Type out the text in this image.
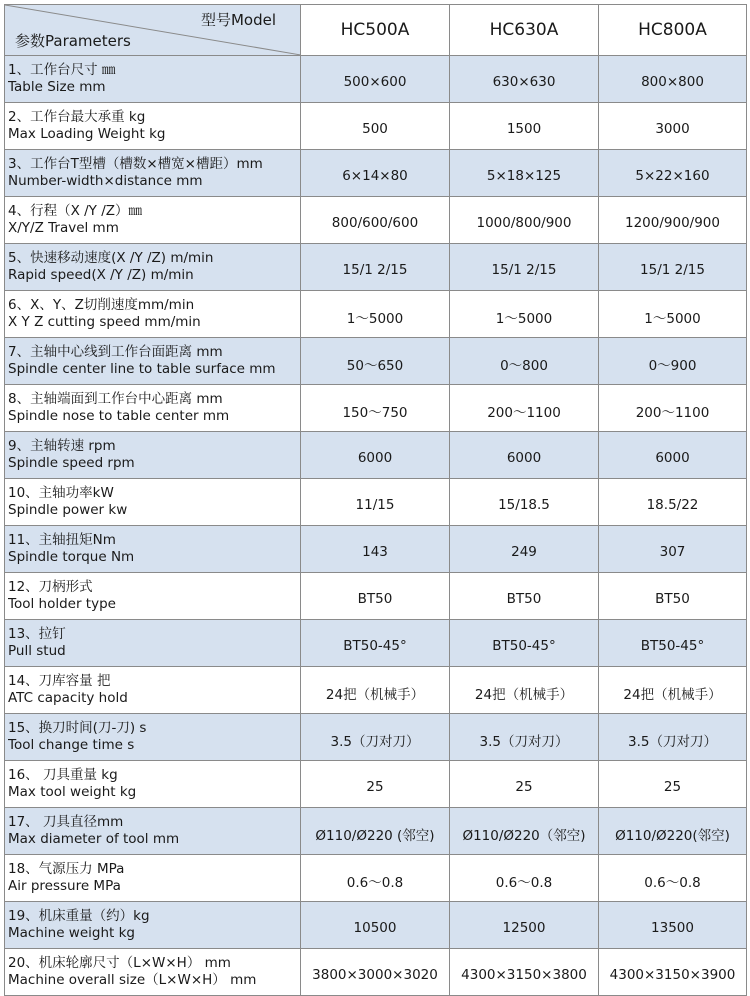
型号Model
参数Parameters	HC500A	HC630A	HC800A

1、工作台尺寸 ㎜
Table Size mm	500×600	630×630	800×800

2、工作台最大承重 kg
Max Loading Weight kg	500	1500	3000

3、工作台T型槽（槽数×槽宽×槽距）mm
Number-width×distance mm	6×14×80	5×18×125	5×22×160

4、行程（X /Y /Z）㎜
X/Y/Z Travel mm	800/600/600	1000/800/900	1200/900/900

5、快速移动速度(X /Y /Z) m/min
Rapid speed(X /Y /Z) m/min	15/1 2/15	15/1 2/15	15/1 2/15

6、X、Y、Z切削速度mm/min
X Y Z cutting speed mm/min	1～5000	1～5000	1～5000

7、主轴中心线到工作台面距离 mm
Spindle center line to table surface mm	50～650	0～800	0～900

8、主轴端面到工作台中心距离 mm
Spindle nose to table center mm	150～750	200～1100	200～1100

9、主轴转速 rpm
Spindle speed rpm	6000	6000	6000

10、主轴功率kW
Spindle power kw	11/15	15/18.5	18.5/22

11、主轴扭矩Nm
Spindle torque Nm	143	249	307

12、刀柄形式
Tool holder type	BT50	BT50	BT50

13、拉钉
Pull stud	BT50-45°	BT50-45°	BT50-45°

14、刀库容量 把
ATC capacity hold	24把（机械手）	24把（机械手）	24把（机械手）

15、换刀时间(刀-刀) s
Tool change time s	3.5（刀对刀）	3.5（刀对刀）	3.5（刀对刀）

16、 刀具重量 kg
Max tool weight kg	25	25	25

17、 刀具直径mm
Max diameter of tool mm	Ø110/Ø220 (邻空)	Ø110/Ø220（邻空)	Ø110/Ø220(邻空)

18、气源压力 MPa
Air pressure MPa	0.6～0.8	0.6～0.8	0.6～0.8

19、机床重量（约）kg
Machine weight kg	10500	12500	13500

20、机床轮廓尺寸（L×W×H） mm
Machine overall size（L×W×H） mm	3800×3000×3020	4300×3150×3800	4300×3150×3900
